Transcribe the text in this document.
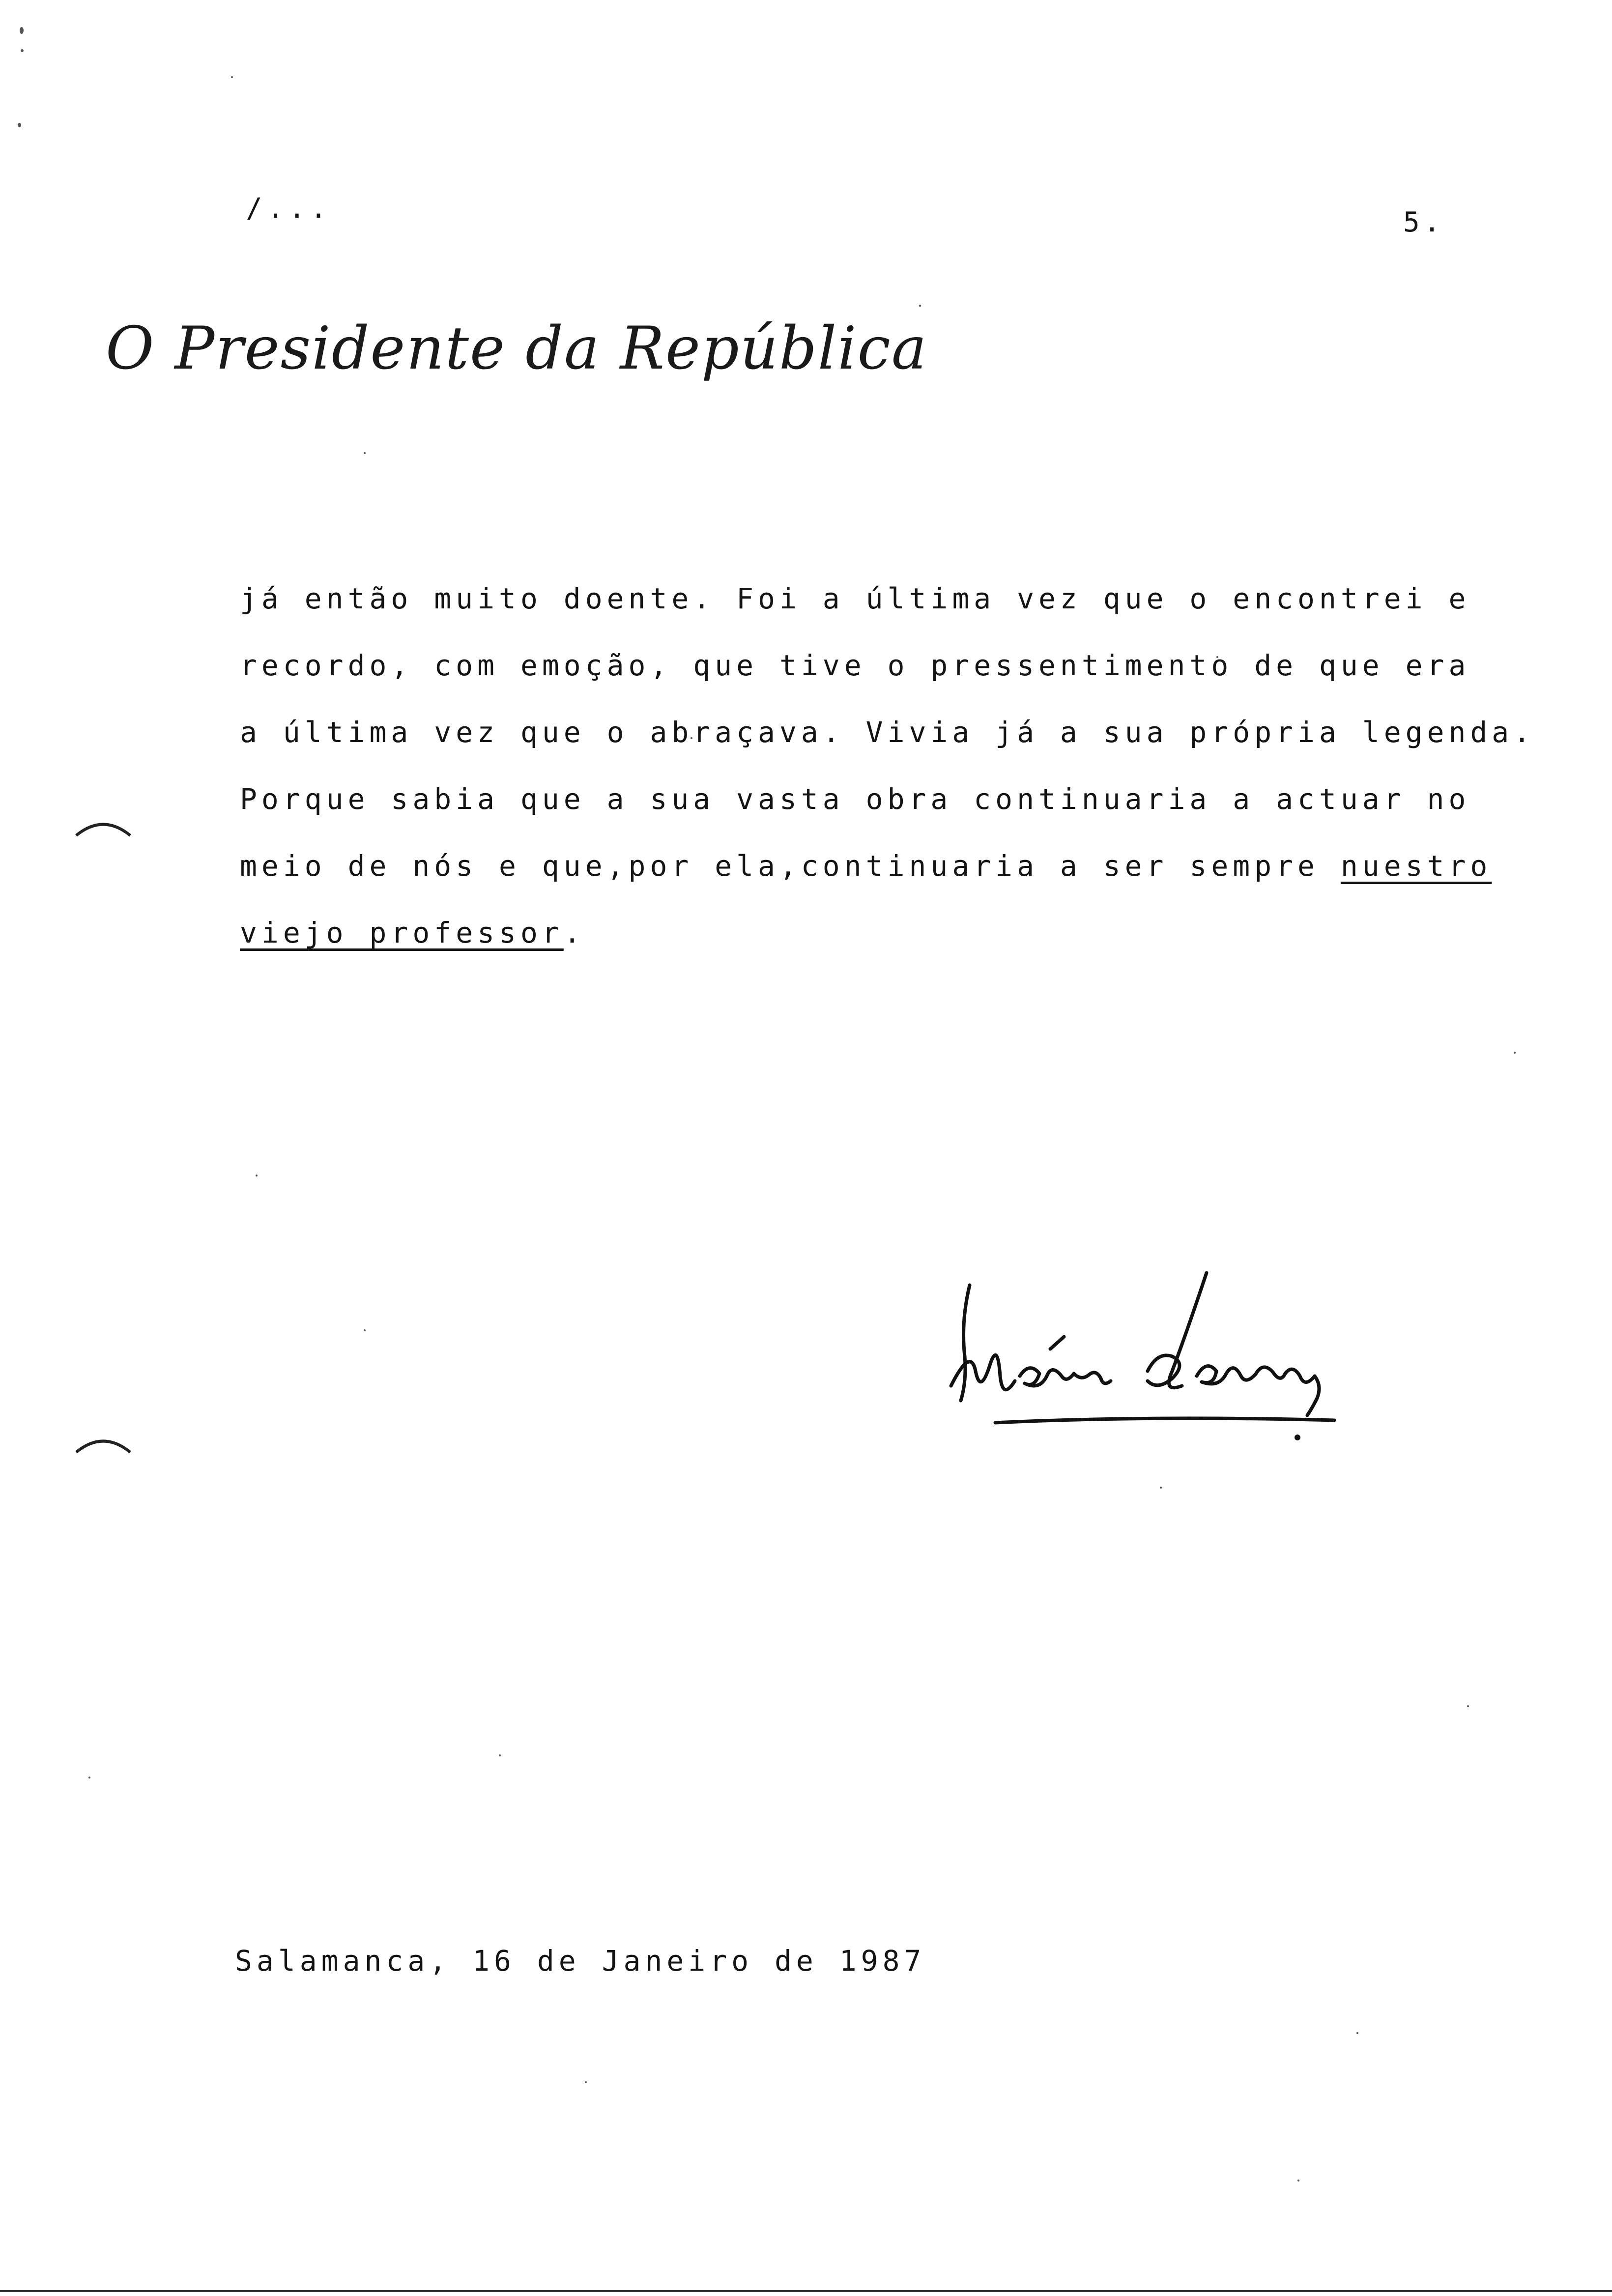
/...	5.
O Presidente da República
já então muito doente. Foi a última vez que o encontrei e
recordo, com emoção, que tive o pressentimento de que era
a última vez que o abraçava. Vivia já a sua própria legenda.
Porque sabia que a sua vasta obra continuaria a actuar no
meio de nós e que,por ela,continuaria a ser sempre nuestro
viejo professor.
Salamanca, 16 de Janeiro de 1987
